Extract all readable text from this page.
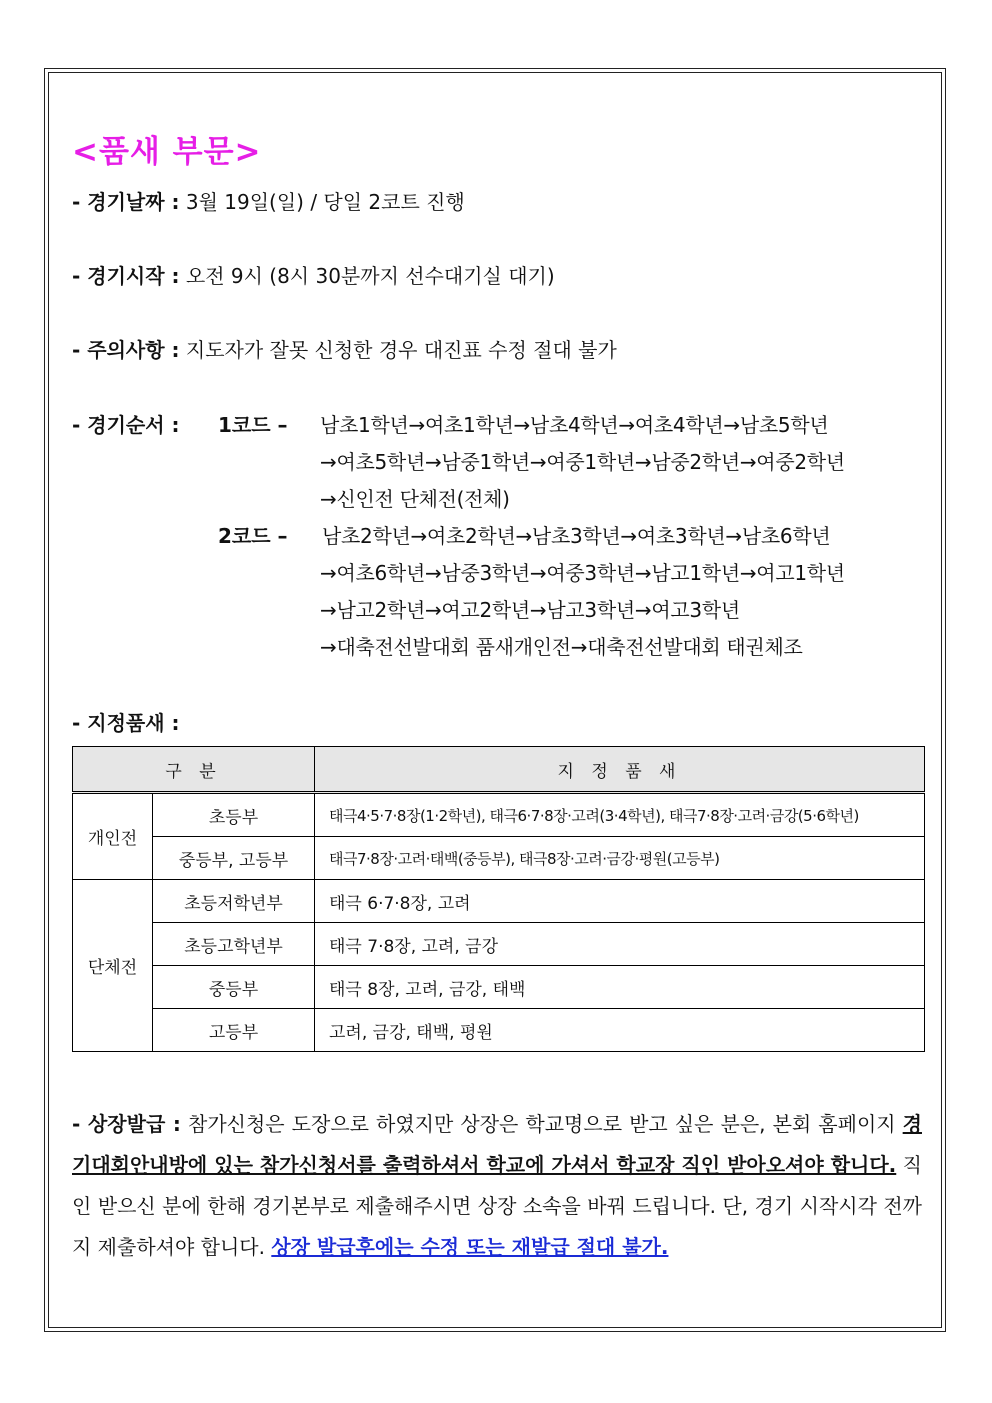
<품새 부문>
- 경기날짜 : 3월 19일(일) / 당일 2코트 진행
- 경기시작 : 오전 9시 (8시 30분까지 선수대기실 대기)
- 주의사항 : 지도자가 잘못 신청한 경우 대진표 수정 절대 불가
- 경기순서 : 1코드 – 남초1학년→여초1학년→남초4학년→여초4학년→남초5학년
→여초5학년→남중1학년→여중1학년→남중2학년→여중2학년
→신인전 단체전(전체)
2코드 – 남초2학년→여초2학년→남초3학년→여초3학년→남초6학년
→여초6학년→남중3학년→여중3학년→남고1학년→여고1학년
→남고2학년→여고2학년→남고3학년→여고3학년
→대축전선발대회 품새개인전→대축전선발대회 태권체조
- 지정품새 :
구 분		지 정 품 새
개인전	초등부	태극4·5·7·8장(1·2학년), 태극6·7·8장·고려(3·4학년), 태극7·8장·고려·금강(5·6학년)
	중등부, 고등부	태극7·8장·고려·태백(중등부), 태극8장·고려·금강·평원(고등부)
단체전	초등저학년부	태극 6·7·8장, 고려
	초등고학년부	태극 7·8장, 고려, 금강
	중등부	태극 8장, 고려, 금강, 태백
	고등부	고려, 금강, 태백, 평원
- 상장발급 : 참가신청은 도장으로 하였지만 상장은 학교명으로 받고 싶은 분은, 본회 홈페이지 경기대회안내방에 있는 참가신청서를 출력하셔서 학교에 가셔서 학교장 직인 받아오셔야 합니다. 직인 받으신 분에 한해 경기본부로 제출해주시면 상장 소속을 바꿔 드립니다. 단, 경기 시작시각 전까지 제출하셔야 합니다. 상장 발급후에는 수정 또는 재발급 절대 불가.
